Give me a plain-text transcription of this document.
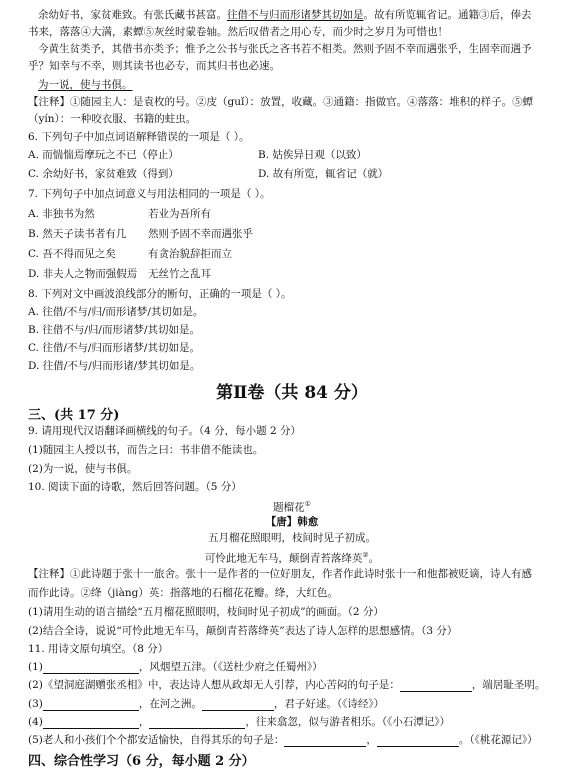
余幼好书，家贫难致。有张氏藏书甚富。往借不与归而形诸梦其切如是。故有所览辄省记。通籍③后，俸去
书来，落落④大满，素蟫⑤灰丝时蒙卷轴。然后叹借者之用心专，而少时之岁月为可惜也！
今黄生贫类予，其借书亦类予；惟予之公书与张氏之吝书若不相类。然则予固不幸而遇张乎，生固幸而遇予
乎？知幸与不幸，则其读书也必专，而其归书也必速。
为一说，使与书俱。
【注释】①随园主人：是袁枚的号。②庋（guǐ）：放置，收藏。③通籍：指做官。④落落：堆积的样子。⑤蟫
（yín）：一种咬衣服、书籍的蛀虫。
6. 下列句子中加点词语解释错误的一项是（ ）。
A. 而惴惴焉摩玩之不已（停止）	B. 姑俟异日观（以致）
C. 余幼好书，家贫难致（得到）	D. 故有所览，辄省记（就）
7. 下列句子中加点词意义与用法相同的一项是（ ）。
A. 非独书为然	若业为吾所有
B. 然天子读书者有几	然则予固不幸而遇张乎
C. 吾不得而见之矣	有贪治貌辞拒而立
D. 非夫人之物而强假焉	无丝竹之乱耳
8. 下列对文中画波浪线部分的断句，正确的一项是（ ）。
A. 往借/不与/归/而形诸梦/其切如是。
B. 往借不与/归/而形诸梦/其切如是。
C. 往借/不与/归而形诸梦/其切如是。
D. 往借/不与/归而形诸/梦其切如是。
第Ⅱ卷（共 84 分）
三、(共 17 分)
9. 请用现代汉语翻译画横线的句子。（4 分，每小题 2 分）
(1)随园主人授以书，而告之曰：书非借不能读也。
(2)为一说，使与书俱。
10. 阅读下面的诗歌，然后回答问题。（5 分）
题榴花①
【唐】韩愈
五月榴花照眼明，枝间时见子初成。
可怜此地无车马，颠倒青苔落绛英②。
【注释】①此诗题于张十一旅舍。张十一是作者的一位好朋友，作者作此诗时张十一和他都被贬谪，诗人有感
而作此诗。②绛（jiàng）英：指落地的石榴花花瓣。绛，大红色。
(1)请用生动的语言描绘“五月榴花照眼明，枝间时见子初成”的画面。（2 分）
(2)结合全诗，说说“可怜此地无车马，颠倒青苔落绛英”表达了诗人怎样的思想感情。（3 分）
11. 用诗文原句填空。（8 分）
(1)	，风烟望五津。（《送杜少府之任蜀州》）
(2)《望洞庭湖赠张丞相》中，表达诗人想从政却无人引荐，内心苦闷的句子是：	，端居耻圣明。
(3)	，在河之洲。	，君子好逑。（《诗经》）
(4)	，	，往来翕忽，似与游者相乐。（《小石潭记》）
(5)老人和小孩们个个都安适愉快，自得其乐的句子是：	，	。（《桃花源记》）
四、综合性学习（6 分，每小题 2 分）
